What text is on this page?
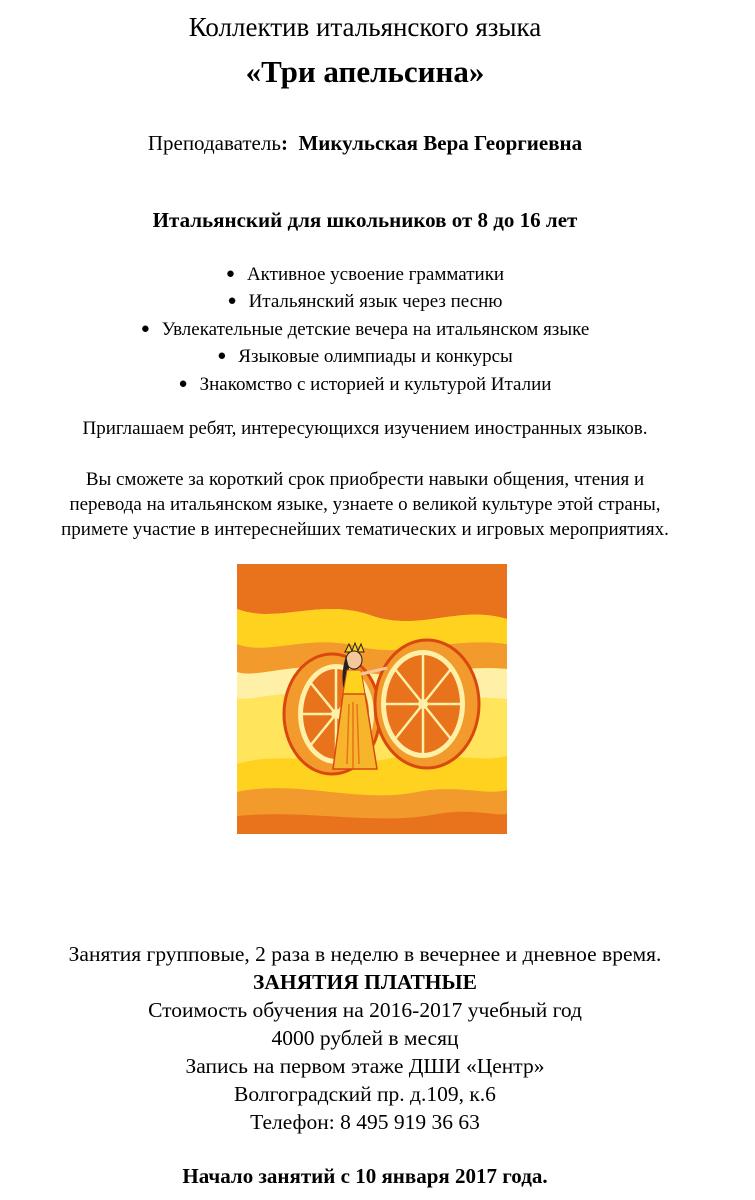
Коллектив итальянского языка
«Три апельсина»
Преподаватель: Микульская Вера Георгиевна
Итальянский для школьников от 8 до 16 лет
● Активное усвоение грамматики
● Итальянский язык через песню
● Увлекательные детские вечера на итальянском языке
● Языковые олимпиады и конкурсы
● Знакомство с историей и культурой Италии
Приглашаем ребят, интересующихся изучением иностранных языков.
Вы сможете за короткий срок приобрести навыки общения, чтения и
перевода на итальянском языке, узнаете о великой культуре этой страны,
примете участие в интереснейших тематических и игровых мероприятиях.
Занятия групповые, 2 раза в неделю в вечернее и дневное время.
ЗАНЯТИЯ ПЛАТНЫЕ
Стоимость обучения на 2016-2017 учебный год
4000 рублей в месяц
Запись на первом этаже ДШИ «Центр»
Волгоградский пр. д.109, к.6
Телефон: 8 495 919 36 63
Начало занятий с 10 января 2017 года.
